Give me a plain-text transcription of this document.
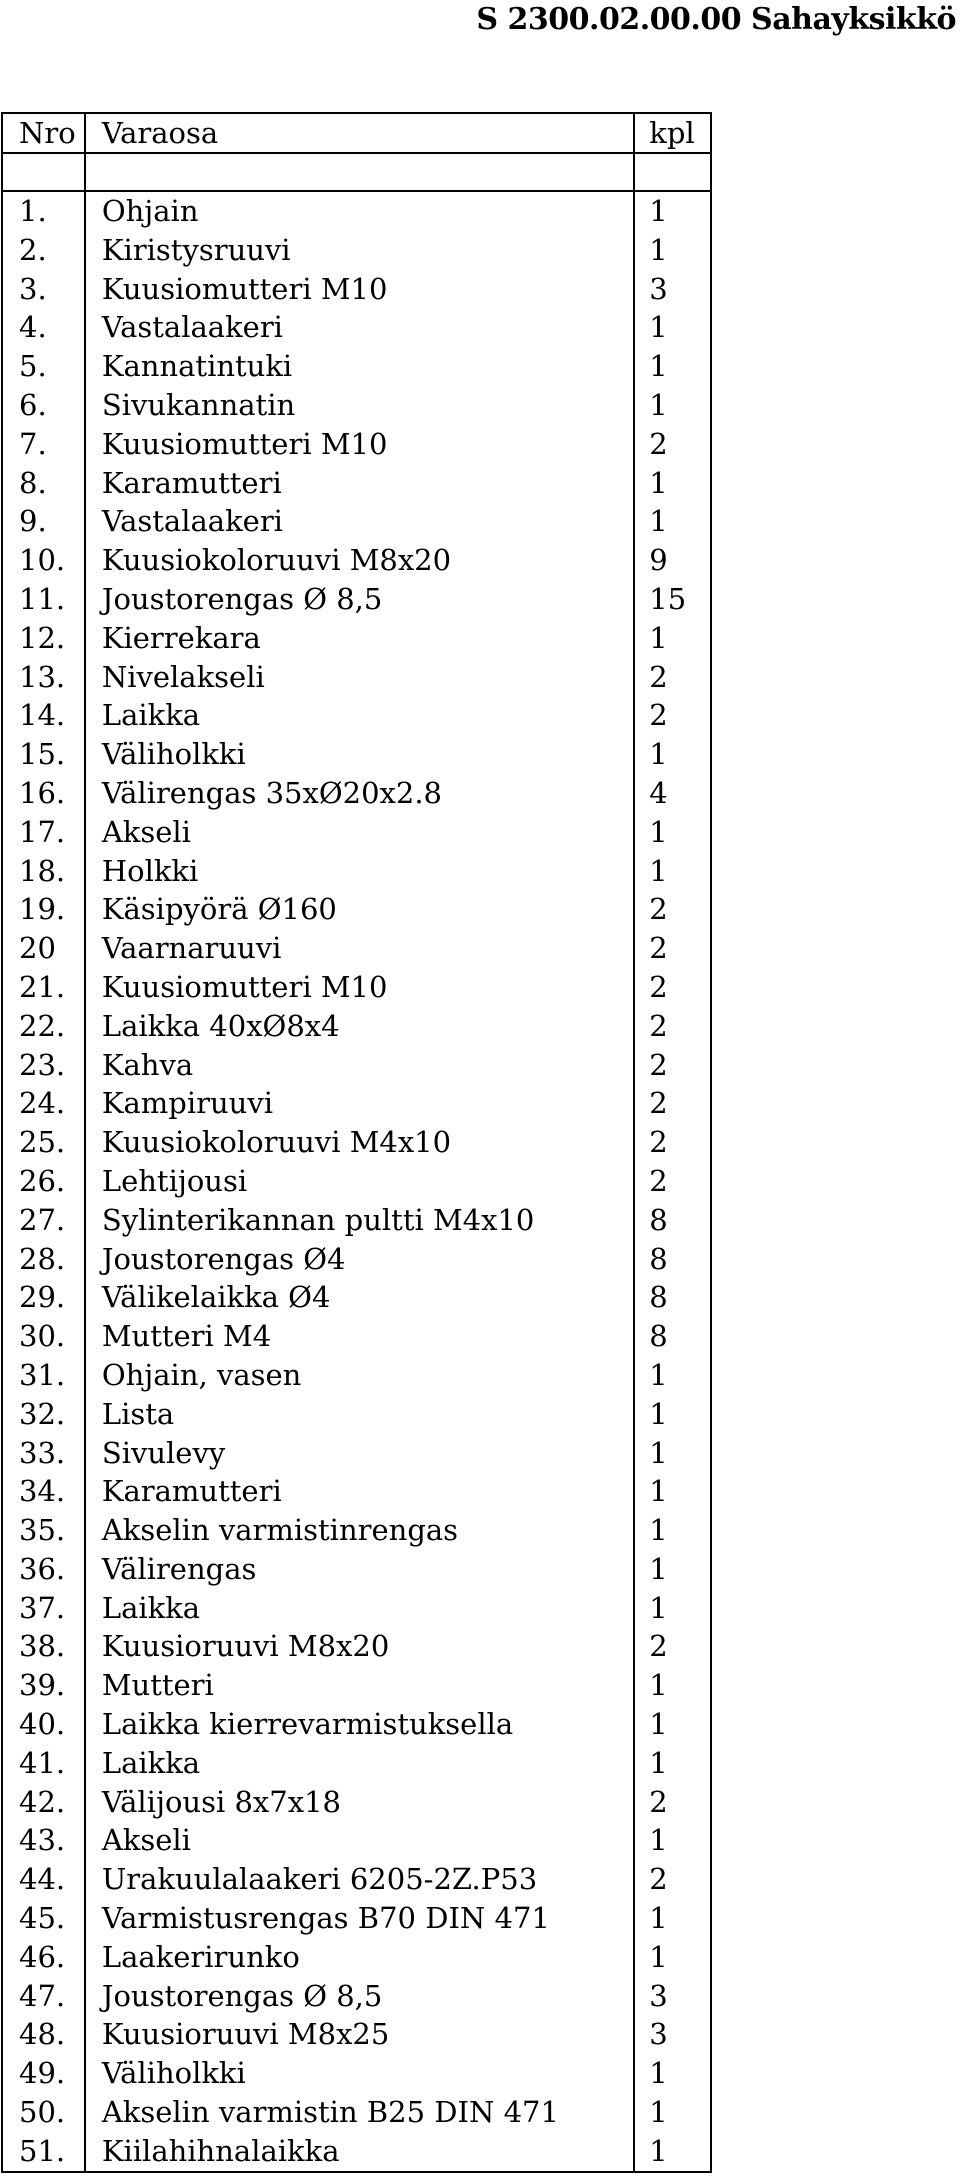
S 2300.02.00.00 Sahayksikkö
Nro	Varaosa	kpl

1.	Ohjain	1
2.	Kiristysruuvi	1
3.	Kuusiomutteri M10	3
4.	Vastalaakeri	1
5.	Kannatintuki	1
6.	Sivukannatin	1
7.	Kuusiomutteri M10	2
8.	Karamutteri	1
9.	Vastalaakeri	1
10.	Kuusiokoloruuvi M8x20	9
11.	Joustorengas Ø 8,5	15
12.	Kierrekara	1
13.	Nivelakseli	2
14.	Laikka	2
15.	Väliholkki	1
16.	Välirengas 35xØ20x2.8	4
17.	Akseli	1
18.	Holkki	1
19.	Käsipyörä Ø160	2
20	Vaarnaruuvi	2
21.	Kuusiomutteri M10	2
22.	Laikka 40xØ8x4	2
23.	Kahva	2
24.	Kampiruuvi	2
25.	Kuusiokoloruuvi M4x10	2
26.	Lehtijousi	2
27.	Sylinterikannan pultti M4x10	8
28.	Joustorengas Ø4	8
29.	Välikelaikka Ø4	8
30.	Mutteri M4	8
31.	Ohjain, vasen	1
32.	Lista	1
33.	Sivulevy	1
34.	Karamutteri	1
35.	Akselin varmistinrengas	1
36.	Välirengas	1
37.	Laikka	1
38.	Kuusioruuvi M8x20	2
39.	Mutteri	1
40.	Laikka kierrevarmistuksella	1
41.	Laikka	1
42.	Välijousi 8x7x18	2
43.	Akseli	1
44.	Urakuulalaakeri 6205-2Z.P53	2
45.	Varmistusrengas B70 DIN 471	1
46.	Laakerirunko	1
47.	Joustorengas Ø 8,5	3
48.	Kuusioruuvi M8x25	3
49.	Väliholkki	1
50.	Akselin varmistin B25 DIN 471	1
51.	Kiilahihnalaikka	1
